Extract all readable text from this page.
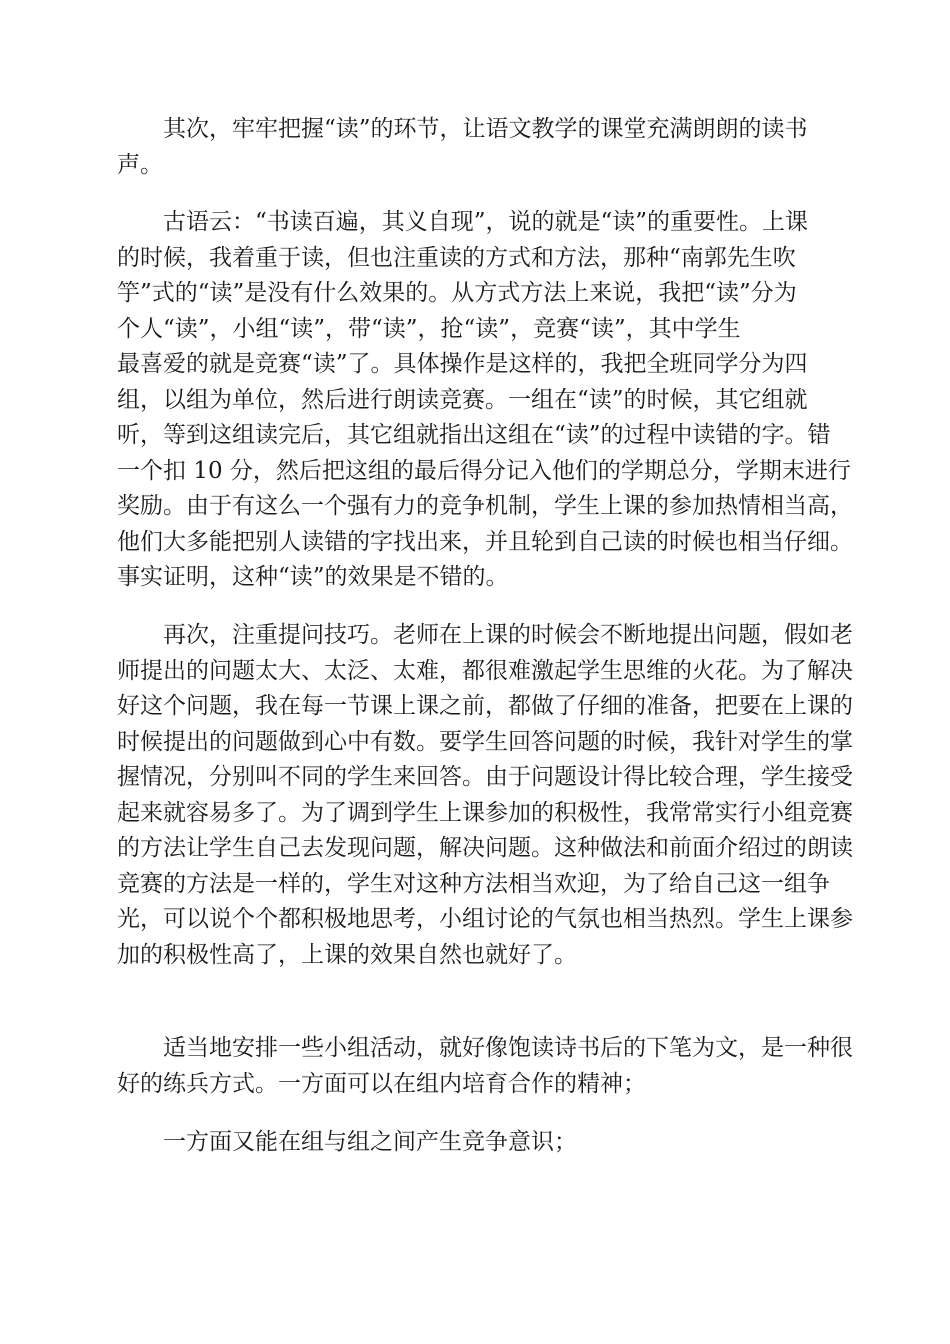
其次，牢牢把握“读”的环节，让语文教学的课堂充满朗朗的读书
声。
古语云：“书读百遍，其义自现”，说的就是“读”的重要性。上课
的时候，我着重于读，但也注重读的方式和方法，那种“南郭先生吹
竽”式的“读”是没有什么效果的。从方式方法上来说，我把“读”分为
个人“读”，小组“读”，带“读”，抢“读”，竞赛“读”，其中学生
最喜爱的就是竞赛“读”了。具体操作是这样的，我把全班同学分为四
组，以组为单位，然后进行朗读竞赛。一组在“读”的时候，其它组就
听，等到这组读完后，其它组就指出这组在“读”的过程中读错的字。错
一个扣 10 分，然后把这组的最后得分记入他们的学期总分，学期末进行
奖励。由于有这么一个强有力的竞争机制，学生上课的参加热情相当高，
他们大多能把别人读错的字找出来，并且轮到自己读的时候也相当仔细。
事实证明，这种“读”的效果是不错的。
再次，注重提问技巧。老师在上课的时候会不断地提出问题，假如老
师提出的问题太大、太泛、太难，都很难激起学生思维的火花。为了解决
好这个问题，我在每一节课上课之前，都做了仔细的准备，把要在上课的
时候提出的问题做到心中有数。要学生回答问题的时候，我针对学生的掌
握情况，分别叫不同的学生来回答。由于问题设计得比较合理，学生接受
起来就容易多了。为了调到学生上课参加的积极性，我常常实行小组竞赛
的方法让学生自己去发现问题，解决问题。这种做法和前面介绍过的朗读
竞赛的方法是一样的，学生对这种方法相当欢迎，为了给自己这一组争
光，可以说个个都积极地思考，小组讨论的气氛也相当热烈。学生上课参
加的积极性高了，上课的效果自然也就好了。
适当地安排一些小组活动，就好像饱读诗书后的下笔为文，是一种很
好的练兵方式。一方面可以在组内培育合作的精神；
一方面又能在组与组之间产生竞争意识；
